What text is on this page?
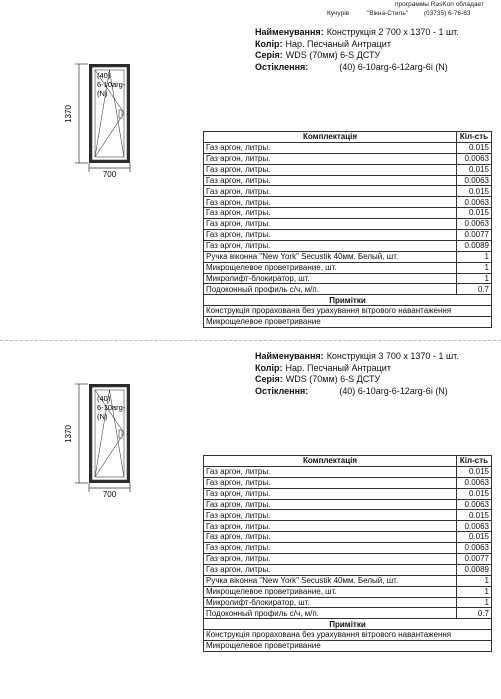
программы RasKon обладает
Кучурів	"Вікна-Стиль" (03735) 6-76-63
Найменування: Конструкція 2 700 x 1370 - 1 шт.
Колір: Нар. Песчаный Антрацит
Серія: WDS (70мм) 6-S ДСТУ
Остіклення:	(40) 6-10arg-6-12arg-6i (N)
1370
700
(40)
6-10arg-
(N)
Комплектація	Кіл-сть
Газ аргон, литры.	0.015
Газ аргон, литры.	0.0063
Газ аргон, литры.	0.015
Газ аргон, литры.	0.0063
Газ аргон, литры.	0.015
Газ аргон, литры.	0.0063
Газ аргон, литры.	0.015
Газ аргон, литры.	0.0063
Газ аргон, литры.	0.0077
Газ аргон, литры.	0.0089
Ручка віконна "New York" Secustik 40мм. Белый, шт.	1
Микрощелевое проветривание, шт.	1
Микролифт-блокиратор, шт.	1
Подоконный профиль с/ч, м/п.	0.7
Примітки	
Конструкція прорахована без урахування вітрового навантаження	
Микрощелевое проветривание	
Найменування: Конструкція 3 700 x 1370 - 1 шт.
Колір: Нар. Песчаный Антрацит
Серія: WDS (70мм) 6-S ДСТУ
Остіклення:	(40) 6-10arg-6-12arg-6i (N)
1370
700
(40)
6-10arg-
(N)
Комплектація	Кіл-сть
Газ аргон, литры.	0.015
Газ аргон, литры.	0.0063
Газ аргон, литры.	0.015
Газ аргон, литры.	0.0063
Газ аргон, литры.	0.015
Газ аргон, литры.	0.0063
Газ аргон, литры.	0.015
Газ аргон, литры.	0.0063
Газ аргон, литры.	0.0077
Газ аргон, литры.	0.0089
Ручка віконна "New York" Secustik 40мм. Белый, шт.	1
Микрощелевое проветривание, шт.	1
Микролифт-блокиратор, шт.	1
Подоконный профиль с/ч, м/п.	0.7
Примітки	
Конструкція прорахована без урахування вітрового навантаження	
Микрощелевое проветривание	
